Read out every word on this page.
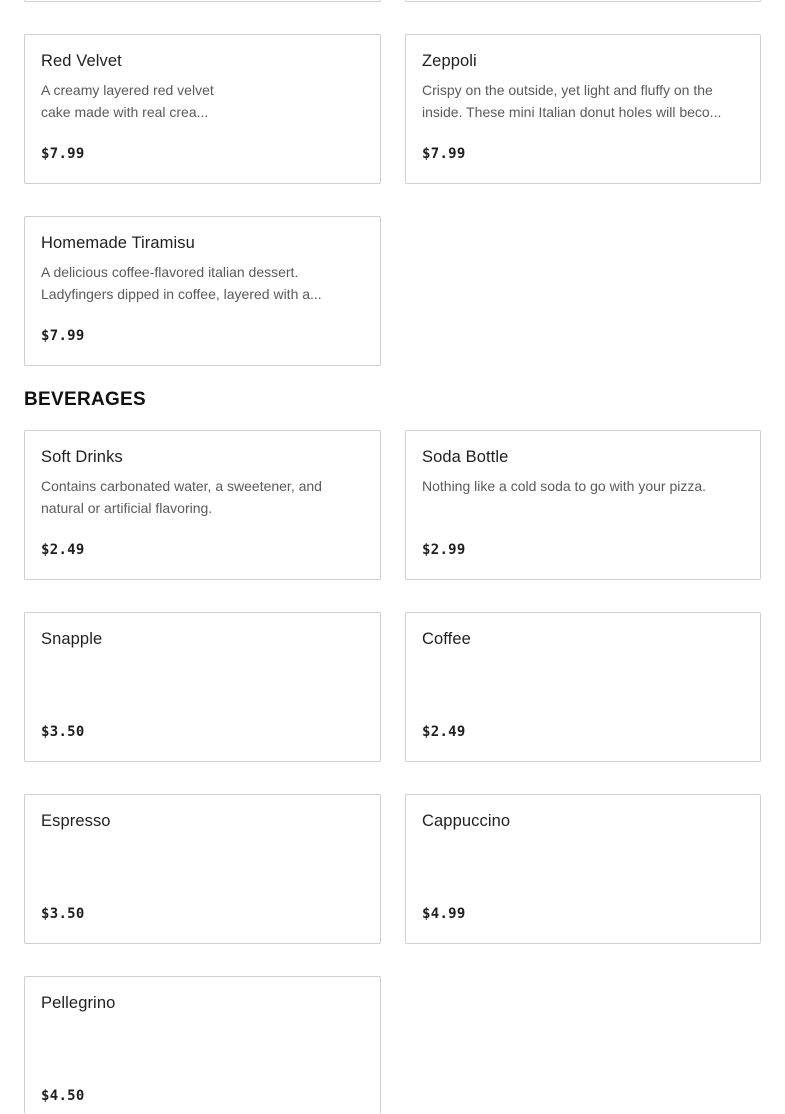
Red Velvet
A creamy layered red velvet cake made with real crea...
$7.99
Zeppoli
Crispy on the outside, yet light and fluffy on the inside. These mini Italian donut holes will beco...
$7.99
Homemade Tiramisu
A delicious coffee-flavored italian dessert. Ladyfingers dipped in coffee, layered with a...
$7.99
BEVERAGES
Soft Drinks
Contains carbonated water, a sweetener, and natural or artificial flavoring.
$2.49
Soda Bottle
Nothing like a cold soda to go with your pizza.
$2.99
Snapple
$3.50
Coffee
$2.49
Espresso
$3.50
Cappuccino
$4.99
Pellegrino
$4.50
